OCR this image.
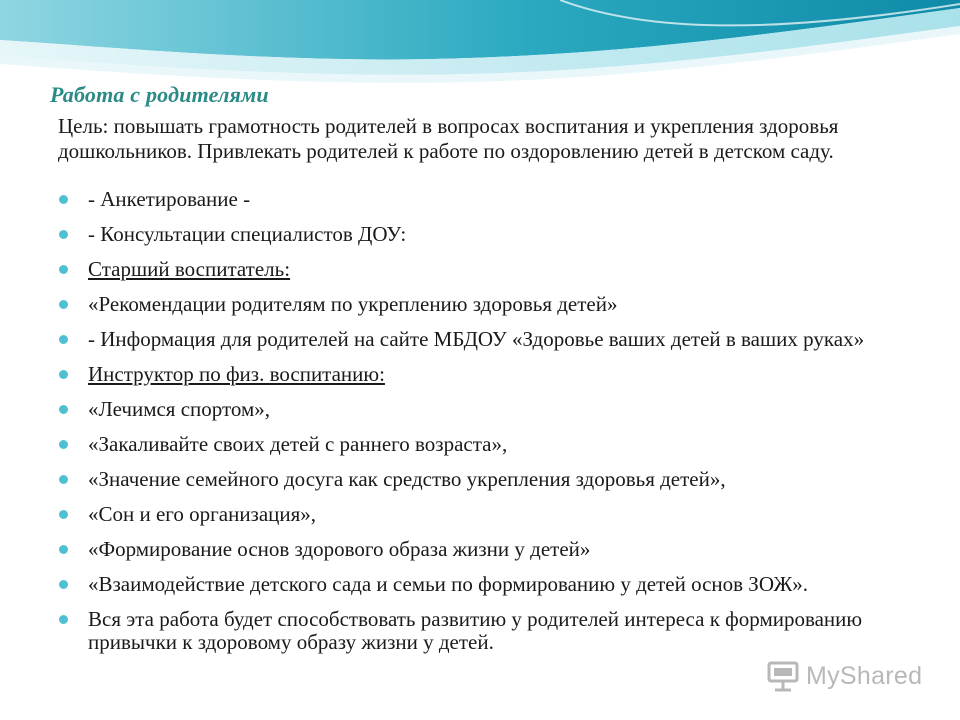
Работа с родителями

Цель: повышать грамотность родителей в вопросах воспитания и укрепления здоровья дошкольников. Привлекать родителей к работе по оздоровлению детей в детском саду.

- Анкетирование -
- Консультации специалистов ДОУ:
Старший воспитатель:
«Рекомендации родителям по укреплению здоровья детей»
- Информация для родителей на сайте МБДОУ «Здоровье ваших детей в ваших руках»
Инструктор по физ. воспитанию:
«Лечимся спортом»,
«Закаливайте своих детей с раннего возраста»,
«Значение семейного досуга как средство укрепления здоровья детей»,
«Сон и его организация»,
«Формирование основ здорового образа жизни у детей»
«Взаимодействие детского сада и семьи по формированию у детей основ ЗОЖ».
Вся эта работа будет способствовать развитию у родителей интереса к формированию привычки к здоровому образу жизни у детей.
MyShared
